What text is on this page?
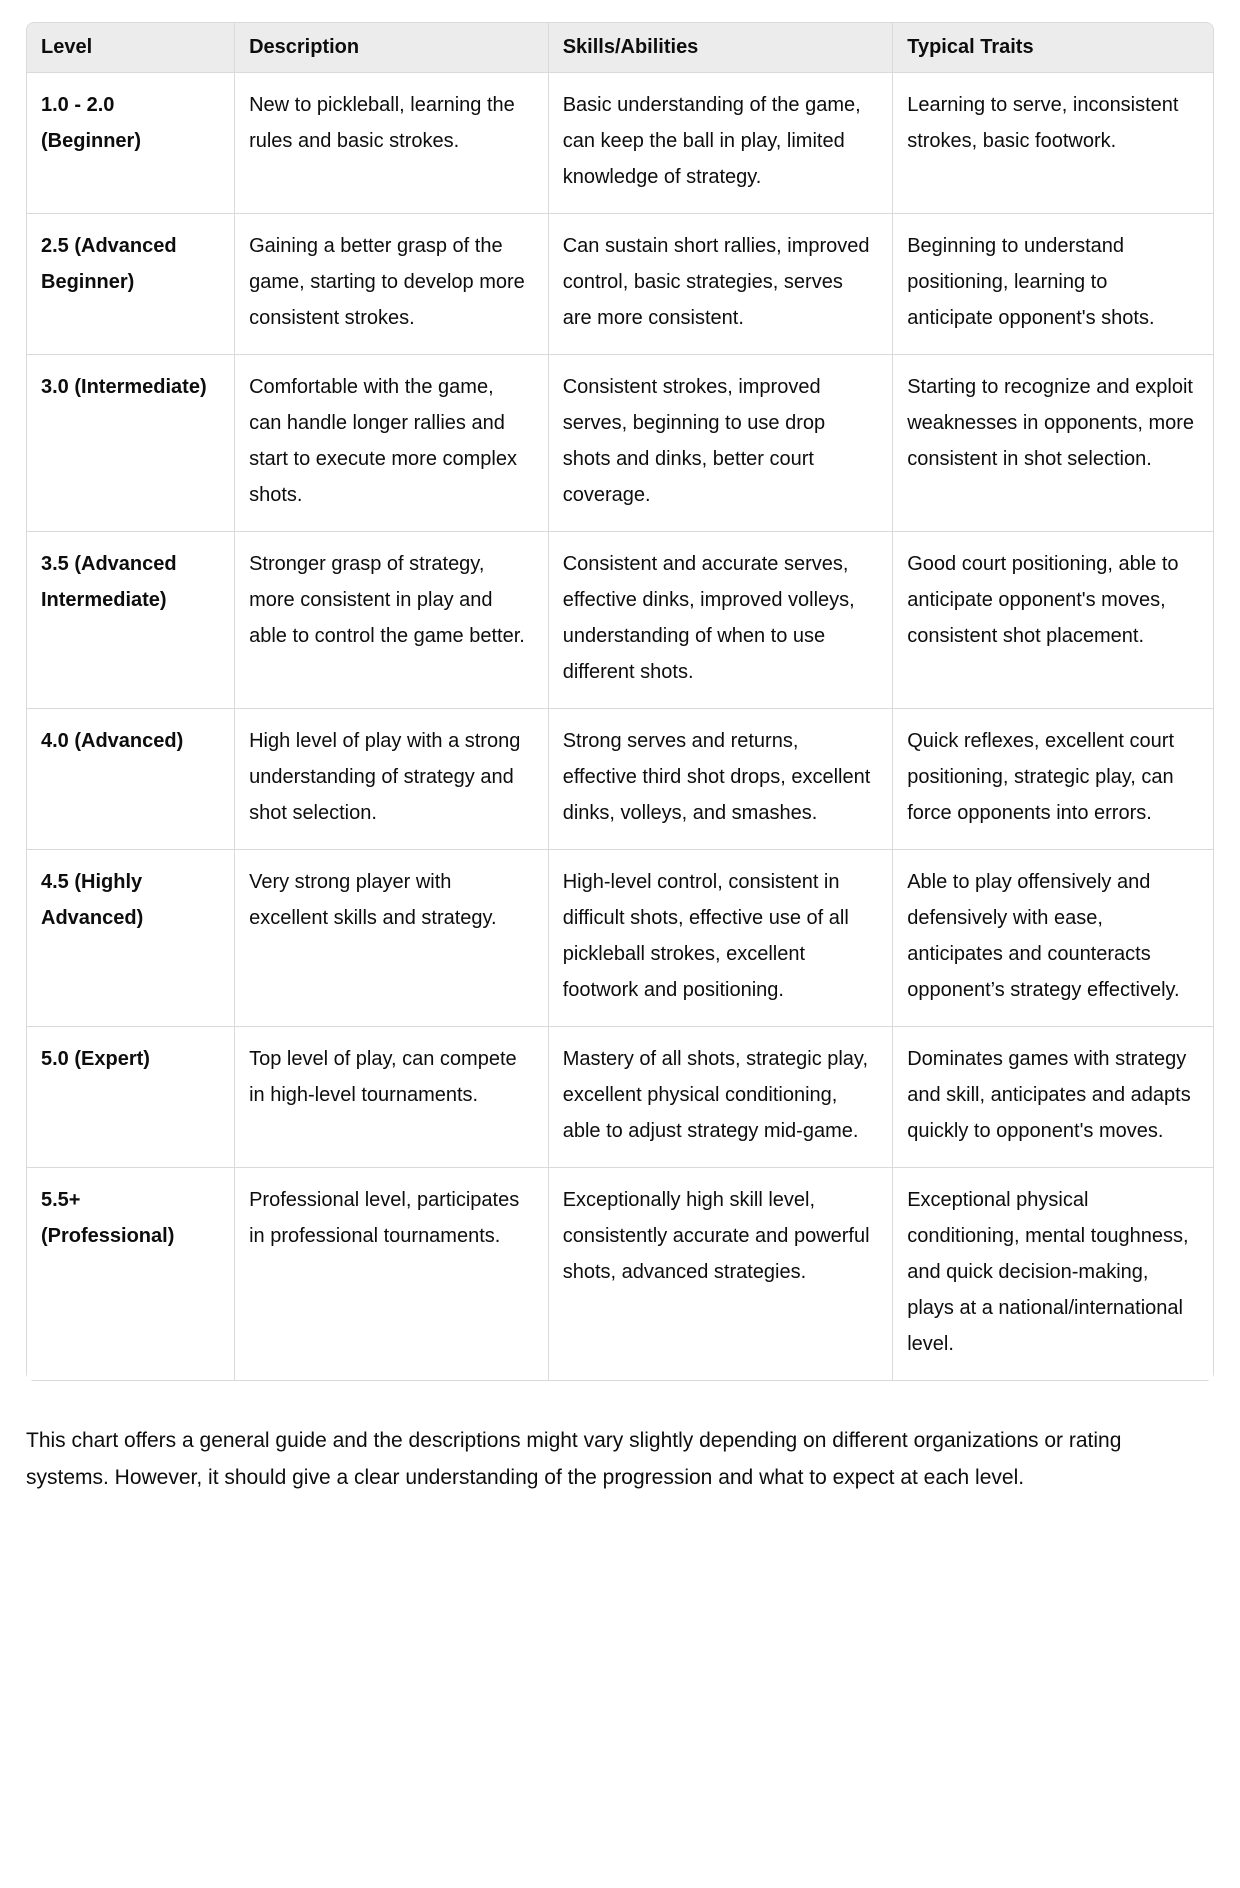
Level	Description	Skills/Abilities	Typical Traits
1.0 - 2.0 (Beginner)	New to pickleball, learning the rules and basic strokes.	Basic understanding of the game, can keep the ball in play, limited knowledge of strategy.	Learning to serve, inconsistent strokes, basic footwork.
2.5 (Advanced Beginner)	Gaining a better grasp of the game, starting to develop more consistent strokes.	Can sustain short rallies, improved control, basic strategies, serves are more consistent.	Beginning to understand positioning, learning to anticipate opponent's shots.
3.0 (Intermediate)	Comfortable with the game, can handle longer rallies and start to execute more complex shots.	Consistent strokes, improved serves, beginning to use drop shots and dinks, better court coverage.	Starting to recognize and exploit weaknesses in opponents, more consistent in shot selection.
3.5 (Advanced Intermediate)	Stronger grasp of strategy, more consistent in play and able to control the game better.	Consistent and accurate serves, effective dinks, improved volleys, understanding of when to use different shots.	Good court positioning, able to anticipate opponent's moves, consistent shot placement.
4.0 (Advanced)	High level of play with a strong understanding of strategy and shot selection.	Strong serves and returns, effective third shot drops, excellent dinks, volleys, and smashes.	Quick reflexes, excellent court positioning, strategic play, can force opponents into errors.
4.5 (Highly Advanced)	Very strong player with excellent skills and strategy.	High-level control, consistent in difficult shots, effective use of all pickleball strokes, excellent footwork and positioning.	Able to play offensively and defensively with ease, anticipates and counteracts opponent’s strategy effectively.
5.0 (Expert)	Top level of play, can compete in high-level tournaments.	Mastery of all shots, strategic play, excellent physical conditioning, able to adjust strategy mid-game.	Dominates games with strategy and skill, anticipates and adapts quickly to opponent's moves.
5.5+ (Professional)	Professional level, participates in professional tournaments.	Exceptionally high skill level, consistently accurate and powerful shots, advanced strategies.	Exceptional physical conditioning, mental toughness, and quick decision-making, plays at a national/international level.

This chart offers a general guide and the descriptions might vary slightly depending on different organizations or rating systems. However, it should give a clear understanding of the progression and what to expect at each level.
